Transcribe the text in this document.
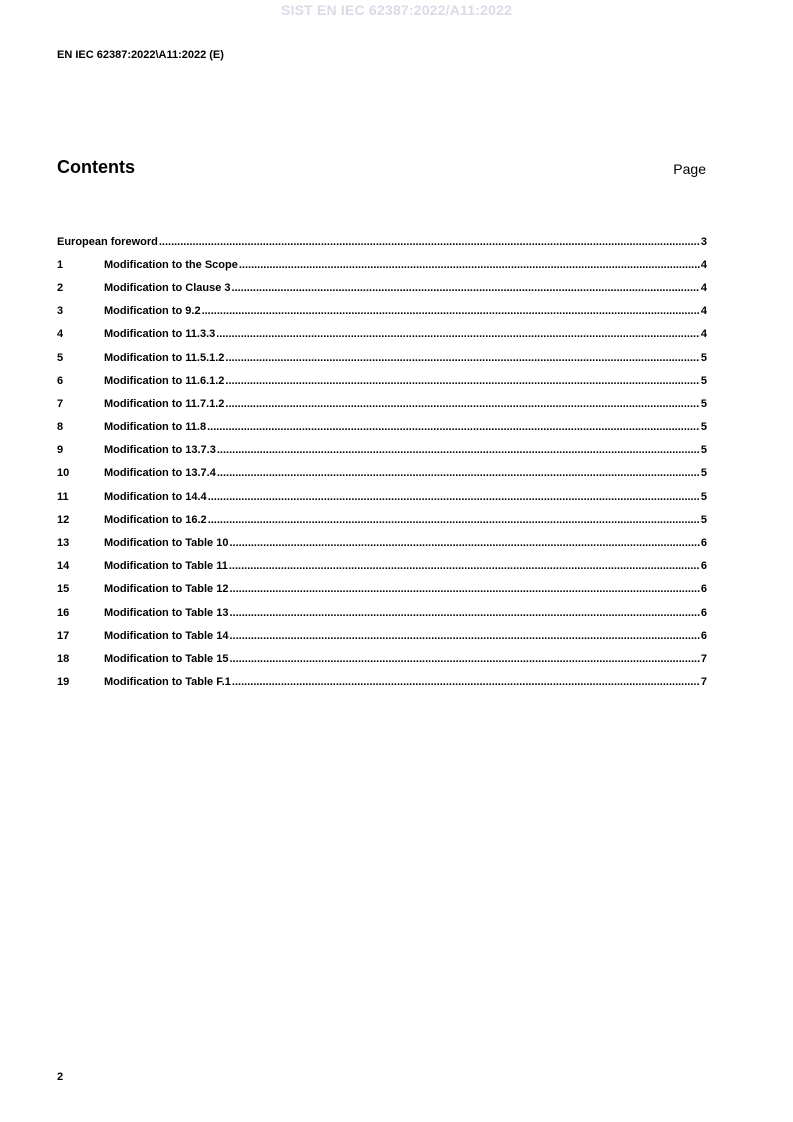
SIST EN IEC 62387:2022/A11:2022
EN IEC 62387:2022\A11:2022 (E)
Contents	Page
European foreword .....	3
1	Modification to the Scope .....	4
2	Modification to Clause 3 .....	4
3	Modification to 9.2 .....	4
4	Modification to 11.3.3 .....	4
5	Modification to 11.5.1.2 .....	5
6	Modification to 11.6.1.2 .....	5
7	Modification to 11.7.1.2 .....	5
8	Modification to 11.8 .....	5
9	Modification to 13.7.3 .....	5
10	Modification to 13.7.4 .....	5
11	Modification to 14.4 .....	5
12	Modification to 16.2 .....	5
13	Modification to Table 10 .....	6
14	Modification to Table 11 .....	6
15	Modification to Table 12 .....	6
16	Modification to Table 13 .....	6
17	Modification to Table 14 .....	6
18	Modification to Table 15 .....	7
19	Modification to Table F.1 .....	7
2
